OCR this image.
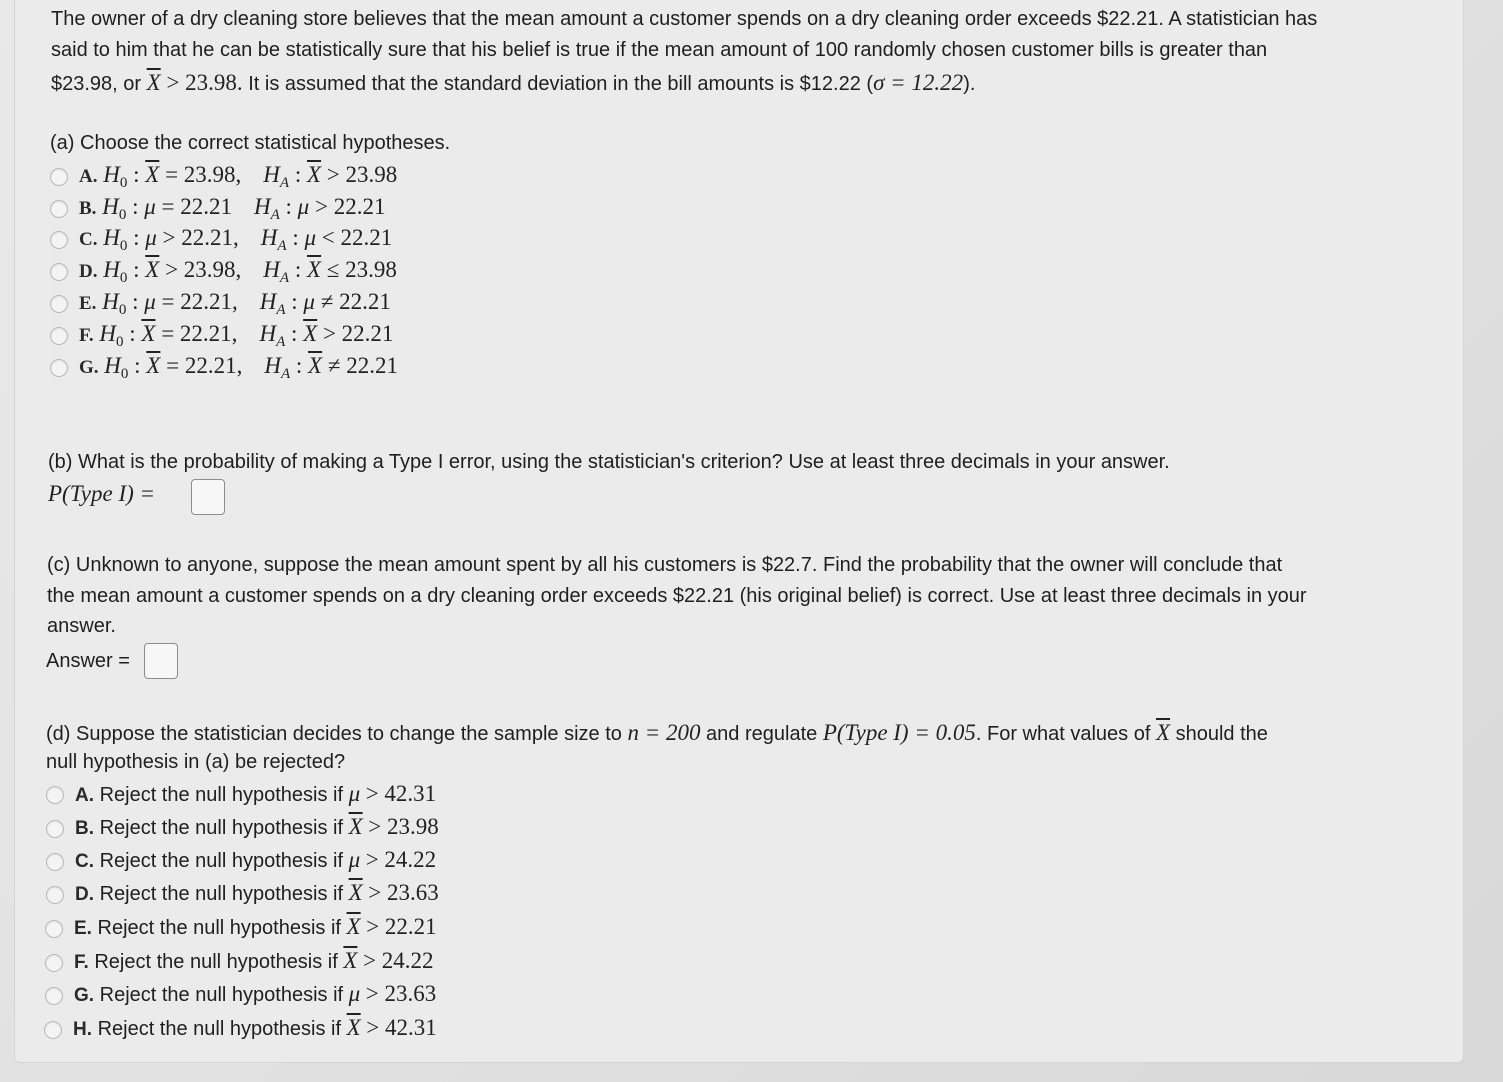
The owner of a dry cleaning store believes that the mean amount a customer spends on a dry cleaning order exceeds $22.21. A statistician has
said to him that he can be statistically sure that his belief is true if the mean amount of 100 randomly chosen customer bills is greater than
$23.98, or $\overline{X} > 23.98$. It is assumed that the standard deviation in the bill amounts is $12.22 (σ = 12.22).
(a) Choose the correct statistical hypotheses.
A. $H_0$ : $\overline{X} = 23.98$, $H_A$ : $\overline{X} > 23.98$
B. $H_0$ : μ = 22.21 $H_A$ : μ > 22.21
C. $H_0$ : μ > 22.21, $H_A$ : μ < 22.21
D. $H_0$ : $\overline{X} > 23.98$, $H_A$ : $\overline{X} \le 23.98$
E. $H_0$ : μ = 22.21, $H_A$ : μ ≠ 22.21
F. $H_0$ : $\overline{X} = 22.21$, $H_A$ : $\overline{X} > 22.21$
G. $H_0$ : $\overline{X} = 22.21$, $H_A$ : $\overline{X} \ne 22.21$
(b) What is the probability of making a Type I error, using the statistician's criterion? Use at least three decimals in your answer.
P(Type I) =
(c) Unknown to anyone, suppose the mean amount spent by all his customers is $22.7. Find the probability that the owner will conclude that
the mean amount a customer spends on a dry cleaning order exceeds $22.21 (his original belief) is correct. Use at least three decimals in your
answer.
Answer =
(d) Suppose the statistician decides to change the sample size to n = 200 and regulate P(Type I) = 0.05. For what values of $\overline{X}$ should the
null hypothesis in (a) be rejected?
A. Reject the null hypothesis if μ > 42.31
B. Reject the null hypothesis if $\overline{X} > 23.98$
C. Reject the null hypothesis if μ > 24.22
D. Reject the null hypothesis if $\overline{X} > 23.63$
E. Reject the null hypothesis if $\overline{X} > 22.21$
F. Reject the null hypothesis if $\overline{X} > 24.22$
G. Reject the null hypothesis if μ > 23.63
H. Reject the null hypothesis if $\overline{X} > 42.31$
